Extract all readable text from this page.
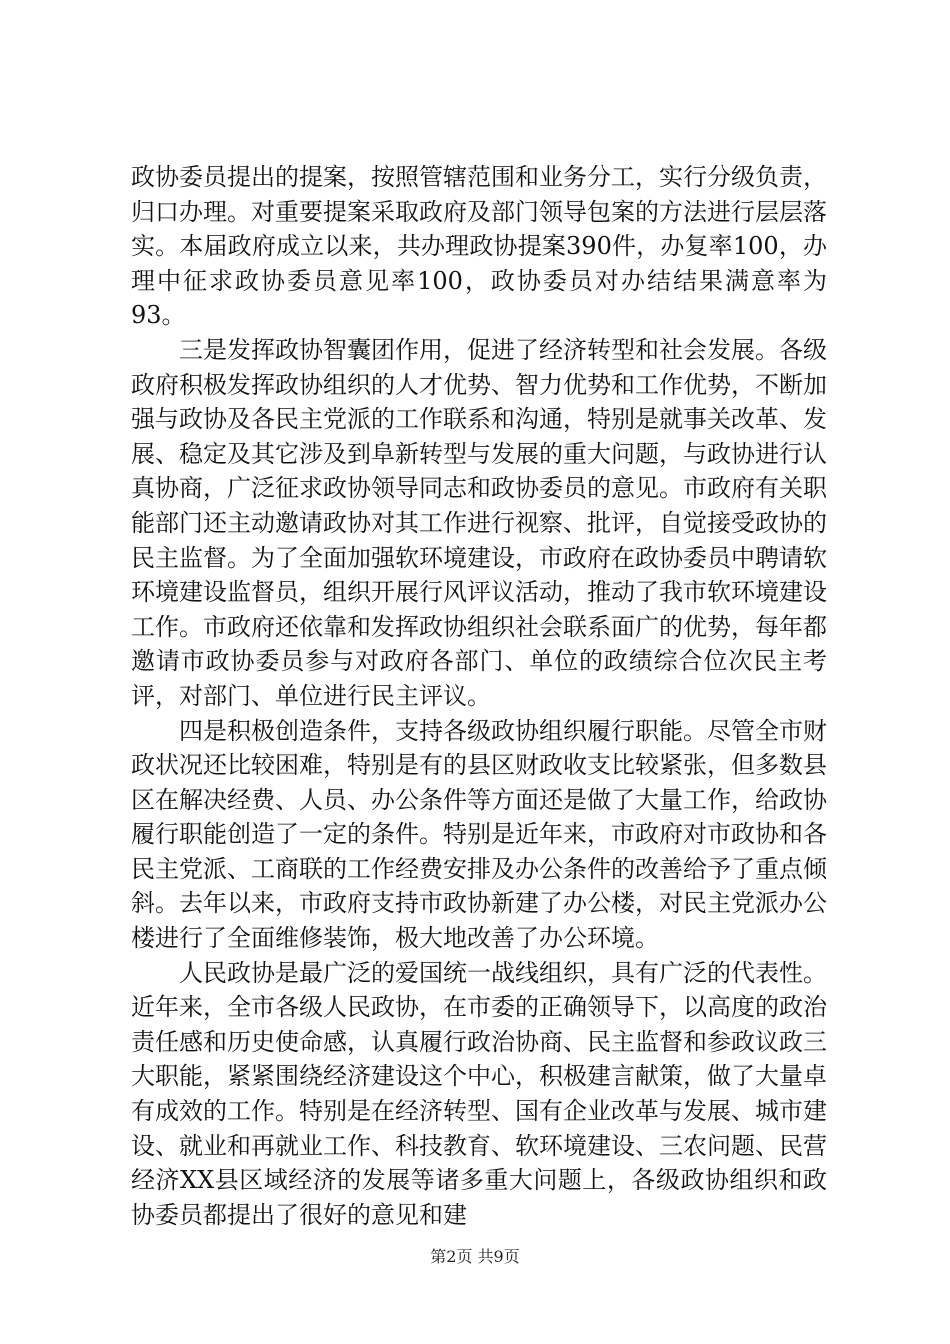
政协委员提出的提案，按照管辖范围和业务分工，实行分级负责，归口办理。对重要提案采取政府及部门领导包案的方法进行层层落实。本届政府成立以来，共办理政协提案390件，办复率100，办理中征求政协委员意见率100，政协委员对办结结果满意率为93。

三是发挥政协智囊团作用，促进了经济转型和社会发展。各级政府积极发挥政协组织的人才优势、智力优势和工作优势，不断加强与政协及各民主党派的工作联系和沟通，特别是就事关改革、发展、稳定及其它涉及到阜新转型与发展的重大问题，与政协进行认真协商，广泛征求政协领导同志和政协委员的意见。市政府有关职能部门还主动邀请政协对其工作进行视察、批评，自觉接受政协的民主监督。为了全面加强软环境建设，市政府在政协委员中聘请软环境建设监督员，组织开展行风评议活动，推动了我市软环境建设工作。市政府还依靠和发挥政协组织社会联系面广的优势，每年都邀请市政协委员参与对政府各部门、单位的政绩综合位次民主考评，对部门、单位进行民主评议。

四是积极创造条件，支持各级政协组织履行职能。尽管全市财政状况还比较困难，特别是有的县区财政收支比较紧张，但多数县区在解决经费、人员、办公条件等方面还是做了大量工作，给政协履行职能创造了一定的条件。特别是近年来，市政府对市政协和各民主党派、工商联的工作经费安排及办公条件的改善给予了重点倾斜。去年以来，市政府支持市政协新建了办公楼，对民主党派办公楼进行了全面维修装饰，极大地改善了办公环境。

人民政协是最广泛的爱国统一战线组织，具有广泛的代表性。近年来，全市各级人民政协，在市委的正确领导下，以高度的政治责任感和历史使命感，认真履行政治协商、民主监督和参政议政三大职能，紧紧围绕经济建设这个中心，积极建言献策，做了大量卓有成效的工作。特别是在经济转型、国有企业改革与发展、城市建设、就业和再就业工作、科技教育、软环境建设、三农问题、民营经济XX县区域经济的发展等诸多重大问题上，各级政协组织和政协委员都提出了很好的意见和建

第2页 共9页
